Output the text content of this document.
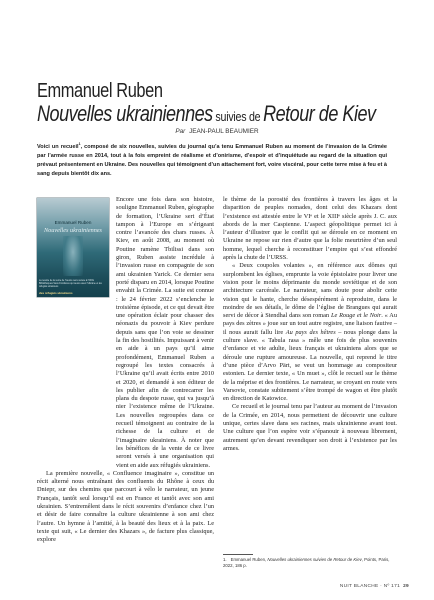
Emmanuel Ruben
Nouvelles ukrainiennes suivies de Retour de Kiev
Par JEAN-PAUL BEAUMIER

Voici un recueil$^1$, composé de six nouvelles, suivies du journal qu’a tenu Emmanuel Ruben au moment de l’invasion de la Crimée par l’armée russe en 2014, tout à la fois empreint de réalisme et d’onirisme, d’espoir et d’inquiétude au regard de la situation qui prévaut présentement en Ukraine. Des nouvelles qui témoignent d’un attachement fort, voire viscéral, pour cette terre mise à feu et à sang depuis bientôt dix ans.

Emmanuel Ruben
Nouvelles ukrainiennes
La recette de la vente de l’œuvre sera versée à l’ONG Bibliothèques Sans Frontières qui œuvre avec l’Ukraine et les réfugiés ukrainiens
des réfugiés ukrainiens

Encore une fois dans son histoire, souligne Emmanuel Ruben, géographe de formation, l’Ukraine sert d’État tampon à l’Europe en s’érigeant contre l’avancée des chars russes. À Kiev, en août 2008, au moment où Poutine ramène Tbilissi dans son giron, Ruben assiste incrédule à l’invasion russe en compagnie de son ami ukrainien Yarick. Ce dernier sera porté disparu en 2014, lorsque Poutine envahit la Crimée. La suite est connue : le 24 février 2022 s’enclenche le troisième épisode, et ce qui devait être une opération éclair pour chasser des néonazis du pouvoir à Kiev perdure depuis sans que l’on voie se dessiner la fin des hostilités. Impuissant à venir en aide à un pays qu’il aime profondément, Emmanuel Ruben a regroupé les textes consacrés à l’Ukraine qu’il avait écrits entre 2010 et 2020, et demandé à son éditeur de les publier afin de contrecarrer les plans du despote russe, qui va jusqu’à nier l’existence même de l’Ukraine. Les nouvelles regroupées dans ce recueil témoignent au contraire de la richesse de la culture et de l’imaginaire ukrainiens. À noter que les bénéfices de la vente de ce livre seront versés à une organisation qui vient en aide aux réfugiés ukrainiens.

La première nouvelle, « Confluence imaginaire », constitue un récit alterné nous entraînant des confluents du Rhône à ceux du Dniepr, sur des chemins que parcourt à vélo le narrateur, un jeune Français, tantôt seul lorsqu’il est en France et tantôt avec son ami ukrainien. S’entremêlent dans le récit souvenirs d’enfance chez l’un et désir de faire connaître la culture ukrainienne à son ami chez l’autre. Un hymne à l’amitié, à la beauté des lieux et à la paix. Le texte qui suit, « Le dernier des Khazars », de facture plus classique, explore

le thème de la porosité des frontières à travers les âges et la disparition de peuples nomades, dont celui des Khazars dont l’existence est attestée entre le VIᵉ et le XIIIᵉ siècle après J. C. aux abords de la mer Caspienne. L’aspect géopolitique permet ici à l’auteur d’illustrer que le conflit qui se déroule en ce moment en Ukraine ne repose sur rien d’autre que la folie meurtrière d’un seul homme, lequel cherche à reconstituer l’empire qui s’est effondré après la chute de l’URSS.

« Deux coupoles volantes », en référence aux dômes qui surplombent les églises, emprunte la voie épistolaire pour livrer une vision pour le moins déprimante du monde soviétique et de son architecture carcérale. Le narrateur, sans doute pour abolir cette vision qui le hante, cherche désespérément à reproduire, dans le moindre de ses détails, le dôme de l’église de Brangues qui aurait servi de décor à Stendhal dans son roman Le Rouge et le Noir. « Au pays des zètres » joue sur un tout autre registre, une liaison fautive – il nous aurait fallu lire Au pays des hêtres – nous plonge dans la culture slave. « Tabula rasa » mêle une fois de plus souvenirs d’enfance et vie adulte, lieux français et ukrainiens alors que se déroule une rupture amoureuse. La nouvelle, qui reprend le titre d’une pièce d’Arvo Pärt, se veut un hommage au compositeur estonien. Le dernier texte, « Un muet », clôt le recueil sur le thème de la méprise et des frontières. Le narrateur, se croyant en route vers Varsovie, constate subitement s’être trompé de wagon et être plutôt en direction de Katowice.

Ce recueil et le journal tenu par l’auteur au moment de l’invasion de la Crimée, en 2014, nous permettent de découvrir une culture unique, certes slave dans ses racines, mais ukrainienne avant tout. Une culture que l’on espère voir s’épanouir à nouveau librement, autrement qu’en devant revendiquer son droit à l’existence par les armes.

1. Emmanuel Ruben, Nouvelles ukrainiennes suivies de Retour de Kiev, Points, Paris, 2022, 186 p.

NUIT BLANCHE · Nº 171 29
